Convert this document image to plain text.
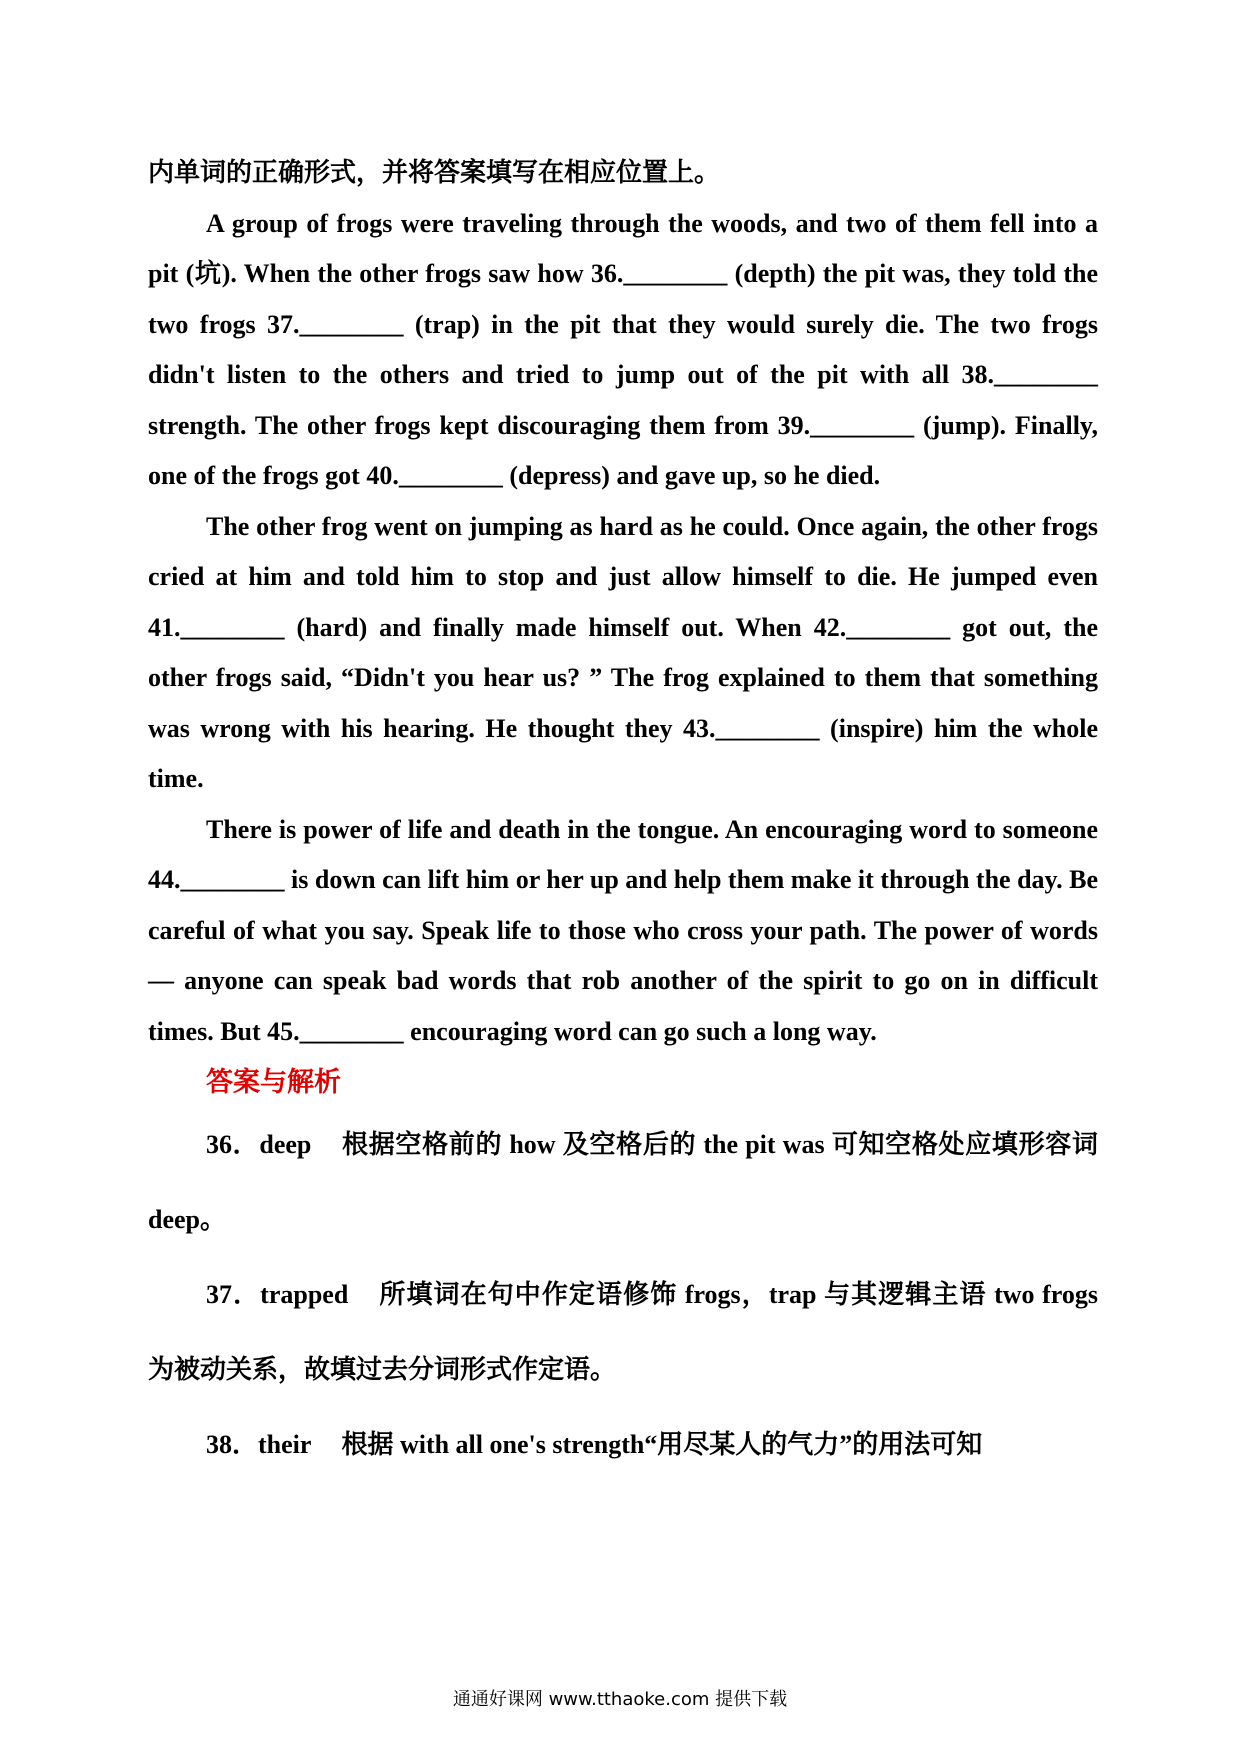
内单词的正确形式，并将答案填写在相应位置上。
A group of frogs were traveling through the woods, and two of them fell into a pit (坑). When the other frogs saw how 36.________ (depth) the pit was, they told the two frogs 37.________ (trap) in the pit that they would surely die. The two frogs didn't listen to the others and tried to jump out of the pit with all 38.________ strength. The other frogs kept discouraging them from 39.________ (jump). Finally, one of the frogs got 40.________ (depress) and gave up, so he died.
The other frog went on jumping as hard as he could. Once again, the other frogs cried at him and told him to stop and just allow himself to die. He jumped even 41.________ (hard) and finally made himself out. When 42.________ got out, the other frogs said, “Didn't you hear us? ” The frog explained to them that something was wrong with his hearing. He thought they 43.________ (inspire) him the whole time.
There is power of life and death in the tongue. An encouraging word to someone 44.________ is down can lift him or her up and help them make it through the day. Be careful of what you say. Speak life to those who cross your path. The power of words — anyone can speak bad words that rob another of the spirit to go on in difficult times. But 45.________ encouraging word can go such a long way.
答案与解析
36．deep 根据空格前的 how 及空格后的 the pit was 可知空格处应填形容词 deep。
37．trapped 所填词在句中作定语修饰 frogs，trap 与其逻辑主语 two frogs 为被动关系，故填过去分词形式作定语。
38．their 根据 with all one's strength“用尽某人的气力”的用法可知
通通好课网 www.tthaoke.com 提供下载
